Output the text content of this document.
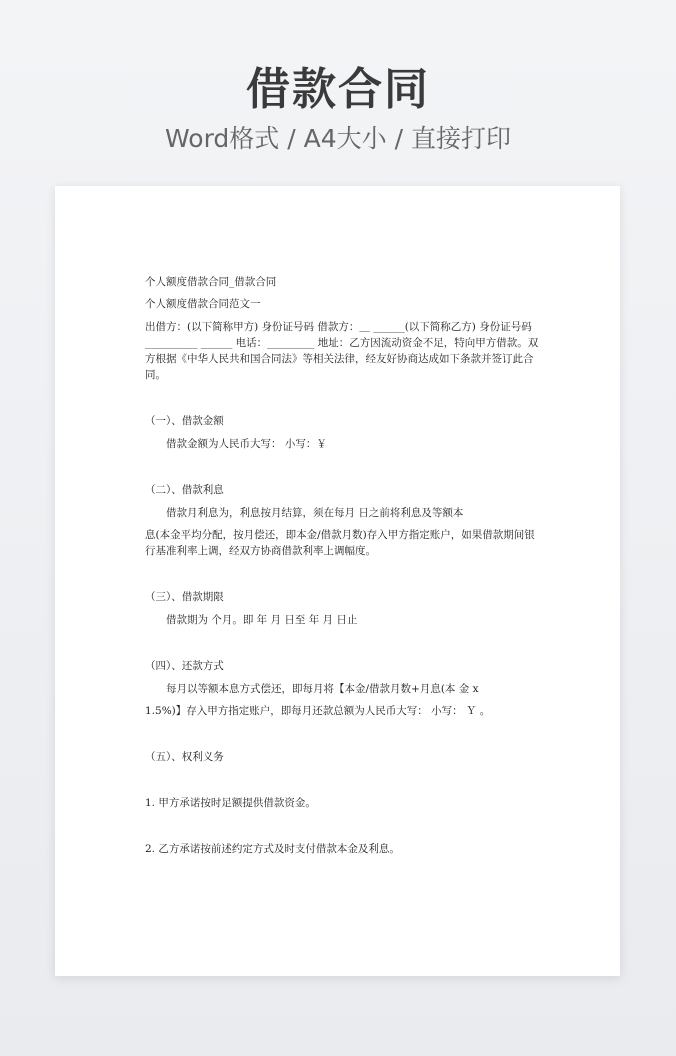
借款合同
Word格式 / A4大小 / 直接打印

个人额度借款合同_借款合同

个人额度借款合同范文一

出借方：(以下简称甲方) 身份证号码 借款方：＿ ______(以下简称乙方) 身份证号码 __________ ______ 电话：_________ 地址：乙方因流动资金不足，特向甲方借款。双方根据《中华人民共和国合同法》等相关法律，经友好协商达成如下条款并签订此合同。

（一）、借款金额

借款金额为人民币大写： 小写：￥

（二）、借款利息

借款月利息为，利息按月结算，须在每月 日之前将利息及等额本

息(本金平均分配，按月偿还，即本金/借款月数)存入甲方指定账户，如果借款期间银行基准利率上调，经双方协商借款利率上调幅度。

（三）、借款期限

借款期为 个月。即 年 月 日至 年 月 日止

（四）、还款方式

每月以等额本息方式偿还，即每月将【本金/借款月数+月息(本 金 x

1.5%)】存入甲方指定账户，即每月还款总额为人民币大写： 小写： Ｙ 。

（五）、权利义务

1. 甲方承诺按时足额提供借款资金。

2. 乙方承诺按前述约定方式及时支付借款本金及利息。
